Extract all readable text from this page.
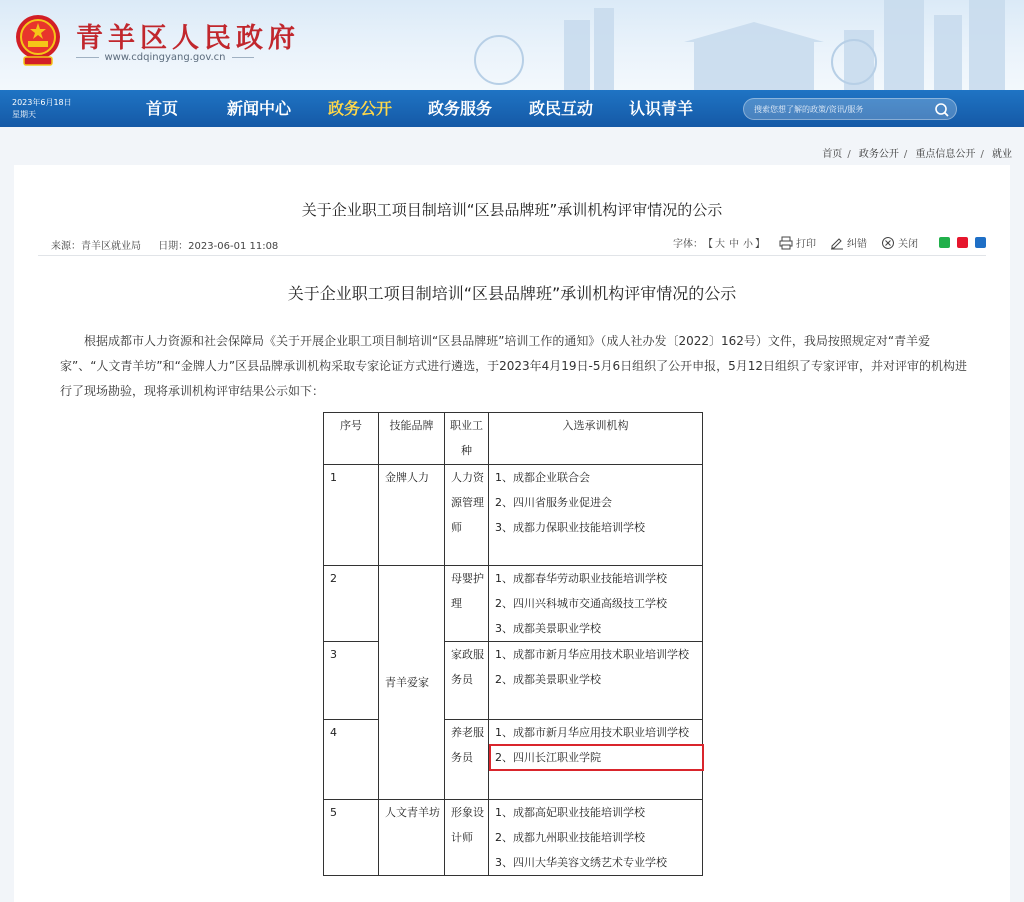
青羊区人民政府
www.cdqingyang.gov.cn
2023年6月18日
星期天	首页	新闻中心 政务公开 政务服务 政民互动 认识青羊
搜索您想了解的政策/资讯/服务
首页 / 政务公开 / 重点信息公开 / 就业
关于企业职工项目制培训“区县品牌班”承训机构评审情况的公示
来源：青羊区就业局 日期：2023-06-01 11:08	字体： 【 大 中 小 】	打印	纠错	关闭
关于企业职工项目制培训“区县品牌班”承训机构评审情况的公示
根据成都市人力资源和社会保障局《关于开展企业职工项目制培训“区县品牌班”培训工作的通知》（成人社办发〔2022〕162号）文件，我局按照规定对“青羊爱家”、“人文青羊坊”和“金牌人力”区县品牌承训机构采取专家论证方式进行遴选，于2023年4月19日-5月6日组织了公开申报，5月12日组织了专家评审，并对评审的机构进行了现场勘验，现将承训机构评审结果公示如下：
序号	技能品牌	职业工种	入选承训机构
1	金牌人力	人力资源管理师	1、成都企业联合会
2、四川省服务业促进会
3、成都力保职业技能培训学校

2	青羊爱家	母婴护理	1、成都春华劳动职业技能培训学校
2、四川兴科城市交通高级技工学校
3、成都美景职业学校

3		家政服务员	1、成都市新月华应用技术职业培训学校
2、成都美景职业学校

4		养老服务员	1、成都市新月华应用技术职业培训学校
2、四川长江职业学院

5	人文青羊坊	形象设计师	1、成都高妃职业技能培训学校
2、成都九州职业技能培训学校
3、四川大华美容文绣艺术专业学校
